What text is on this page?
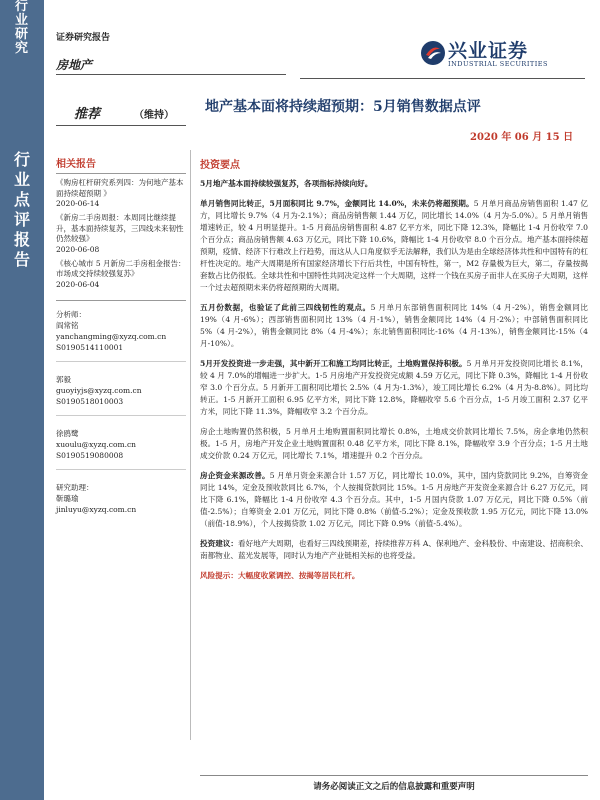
行
业
研
究
行
业
点
评
报
告
证券研究报告
房地产
兴业证券
INDUSTRIAL SECURITIES
推荐	（维持）
地产基本面将持续超预期：5月销售数据点评
2020 年 06 月 15 日
相关报告
《购房杠杆研究系列四：为何地产基本面持续超预期 》
2020-06-14
《新房二手房周报：本周同比继续提升，基本面持续复苏，三四线未来韧性仍然较强》
2020-06-08
《核心城市 5 月新房二手房租金报告：市场成交持续较强复苏》
2020-06-04
分析师：
阎常铭
yanchangming@xyzq.com.cn
S0190514110001
郭毅
guoyiyjs@xyzq.com.cn
S0190518010003
徐鸥鹭
xuoulu@xyzq.com.cn
S0190519080008
研究助理：
靳璐瑜
jinluyu@xyzq.com.cn
投资要点

5月地产基本面持续较强复苏，各项指标持续向好。

单月销售同比转正，5月面积同比 9.7%，金额同比 14.0%，未来仍将超预期。5 月单月商品房销售面积 1.47 亿方，同比增长 9.7%（4 月为-2.1%）；商品房销售额 1.44 万亿，同比增长 14.0%（4 月为-5.0%）。5 月单月销售增速转正，较 4 月明显提升。1-5 月商品房销售面积 4.87 亿平方米，同比下降 12.3%，降幅比 1-4 月份收窄 7.0 个百分点；商品房销售额 4.63 万亿元，同比下降 10.6%，降幅比 1-4 月份收窄 8.0 个百分点。地产基本面持续超预期，疫情、经济下行难改上行趋势，而这从人口角度似乎无法解释，我们认为是由全球经济体共性和中国特有的杠杆性决定的。地产大周期是所有国家经济增长下行后共性，中国有特性，第一，M2 存量极为巨大，第二，存量按揭套数占比仍很低。全球共性和中国特性共同决定这样一个大周期，这样一个钱在买房子而非人在买房子大周期，这样一个过去超预期未来仍将超预期的大周期。

五月份数据，也验证了此前三四线韧性的观点。5 月单月东部销售面积同比 14%（4 月-2%），销售金额同比 19%（4 月-6%）；西部销售面积同比 13%（4 月-1%），销售金额同比 14%（4 月-2%）；中部销售面积同比 5%（4 月-2%），销售金额同比 8%（4 月-4%）；东北销售面积同比-16%（4 月-13%），销售金额同比-15%（4 月-10%）。

5月开发投资进一步走强，其中新开工和施工均同比转正，土地购置保持积极。5 月单月开发投资同比增长 8.1%，较 4 月 7.0%的增幅进一步扩大。1-5 月房地产开发投资完成额 4.59 万亿元，同比下降 0.3%，降幅比 1-4 月份收窄 3.0 个百分点。5 月新开工面积同比增长 2.5%（4 月为-1.3%），竣工同比增长 6.2%（4 月为-8.8%）。同比均转正。1-5 月新开工面积 6.95 亿平方米，同比下降 12.8%，降幅收窄 5.6 个百分点，1-5 月竣工面积 2.37 亿平方米，同比下降 11.3%，降幅收窄 3.2 个百分点。

房企土地购置仍然积极，5 月单月土地购置面积同比增长 0.8%，土地成交价款同比增长 7.5%，房企拿地仍然积极。1-5 月，房地产开发企业土地购置面积 0.48 亿平方米，同比下降 8.1%，降幅收窄 3.9 个百分点；1-5 月土地成交价款 0.24 万亿元，同比增长 7.1%，增速提升 0.2 个百分点。

房企资金来源改善。5 月单月资金来源合计 1.57 万亿，同比增长 10.0%，其中，国内贷款同比 9.2%，自筹资金同比 14%，定金及预收款同比 6.7%，个人按揭贷款同比 15%。1-5 月房地产开发资金来源合计 6.27 万亿元，同比下降 6.1%，降幅比 1-4 月份收窄 4.3 个百分点。其中，1-5 月国内贷款 1.07 万亿元，同比下降 0.5%（前值-2.5%）；自筹资金 2.01 万亿元，同比下降 0.8%（前值-5.2%）；定金及预收款 1.95 万亿元，同比下降 13.0%（前值-18.9%），个人按揭贷款 1.02 万亿元，同比下降 0.9%（前值-5.4%）。

投资建议：看好地产大周期，也看好三四线预期差，持续推荐万科 A、保利地产、金科股份、中南建设、招商积余、南都物业、蓝光发展等，同时认为地产产业链相关标的也将受益。

风险提示：大幅度收紧调控、按揭等居民杠杆。

请务必阅读正文之后的信息披露和重要声明
